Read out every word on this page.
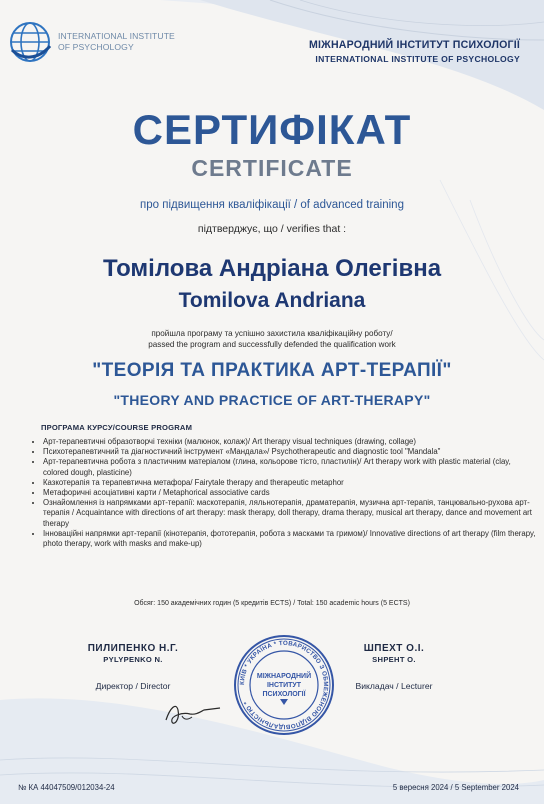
INTERNATIONAL INSTITUTE
OF PSYCHOLOGY	МІЖНАРОДНИЙ ІНСТИТУТ ПСИХОЛОГІЇ
INTERNATIONAL INSTITUTE OF PSYCHOLOGY
СЕРТИФІКАТ
CERTIFICATE
про підвищення кваліфікації / of advanced training
підтверджує, що / verifies that :
Томілова Андріана Олегівна
Tomilova Andriana
пройшла програму та успішно захистила кваліфікаційну роботу/
passed the program and successfully defended the qualification work
"ТЕОРІЯ ТА ПРАКТИКА АРТ-ТЕРАПІЇ"
"THEORY AND PRACTICE OF ART-THERAPY"
ПРОГРАМА КУРСУ/COURSE PROGRAM
• Арт-терапевтичні образотворчі техніки (малюнок, колаж)/ Art therapy visual techniques (drawing, collage)
• Психотерапевтичний та діагностичний інструмент «Мандала»/ Psychotherapeutic and diagnostic tool "Mandala"
• Арт-терапевтична робота з пластичним матеріалом (глина, кольорове тісто, пластилін)/ Art therapy work with plastic material (clay, colored dough, plasticine)
• Казкотерапія та терапевтична метафора/ Fairytale therapy and therapeutic metaphor
• Метафоричні асоціативні карти / Metaphorical associative cards
• Ознайомлення із напрямками арт-терапії: маскотерапія, ляльнотерапія, драматерапія, музична арт-терапія, танцювально-рухова арт-терапія / Acquaintance with directions of art therapy: mask therapy, doll therapy, drama therapy, musical art therapy, dance and movement art therapy
• Інноваційні напрямки арт-терапії (кінотерапія, фототерапія, робота з масками та гримом)/ Innovative directions of art therapy (film therapy, photo therapy, work with masks and make-up)
Обсяг: 150 академічних годин (5 кредитів ECTS) / Total: 150 academic hours (5 ECTS)
ПИЛИПЕНКО Н.Г.
PYLYPENKO N.
Директор / Director	КИЇВ * УКРАЇНА * ТОВАРИСТВО З ОБМЕЖЕНОЮ ВІДПОВІДАЛЬНІСТЮ *
МІЖНАРОДНИЙ
ІНСТИТУТ
ПСИХОЛОГІЇ
ШПЕХТ О.І.
SHPEHT O.
Викладач / Lecturer
№ КА 44047509/012034-24	5 вересня 2024 / 5 September 2024
